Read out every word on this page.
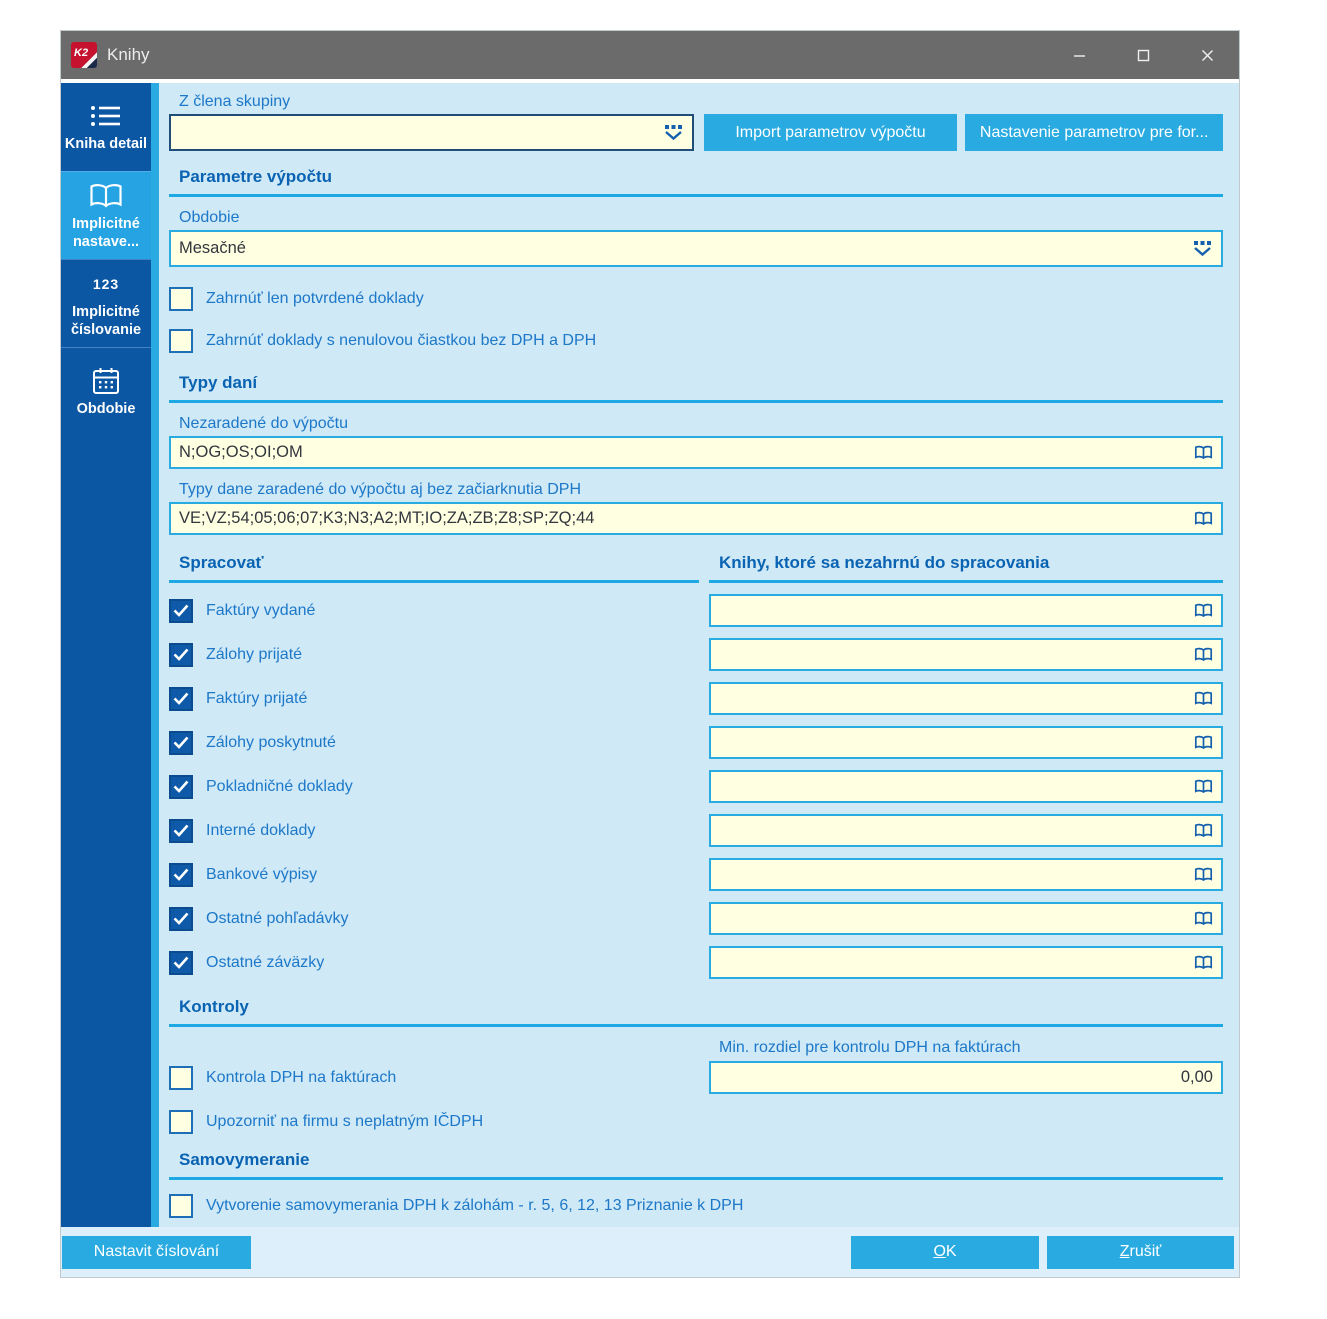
K2 Knihy
Kniha detail
Implicitné nastave...
123
Implicitné číslovanie
Obdobie
Z člena skupiny
Import parametrov výpočtu	Nastavenie parametrov pre for...
Parametre výpočtu
Obdobie
Mesačné
Zahrnúť len potvrdené doklady
Zahrnúť doklady s nenulovou čiastkou bez DPH a DPH
Typy daní
Nezaradené do výpočtu
N;OG;OS;OI;OM
Typy dane zaradené do výpočtu aj bez začiarknutia DPH
VE;VZ;54;05;06;07;K3;N3;A2;MT;IO;ZA;ZB;Z8;SP;ZQ;44
Spracovať	Knihy, ktoré sa nezahrnú do spracovania
Faktúry vydané
Zálohy prijaté
Faktúry prijaté
Zálohy poskytnuté
Pokladničné doklady
Interné doklady
Bankové výpisy
Ostatné pohľadávky
Ostatné záväzky
Kontroly
Min. rozdiel pre kontrolu DPH na faktúrach
Kontrola DPH na faktúrach	0,00
Upozorniť na firmu s neplatným IČDPH
Samovymeranie
Vytvorenie samovymerania DPH k zálohám - r. 5, 6, 12, 13 Priznanie k DPH
Nastavit číslování	OK	Zrušiť
